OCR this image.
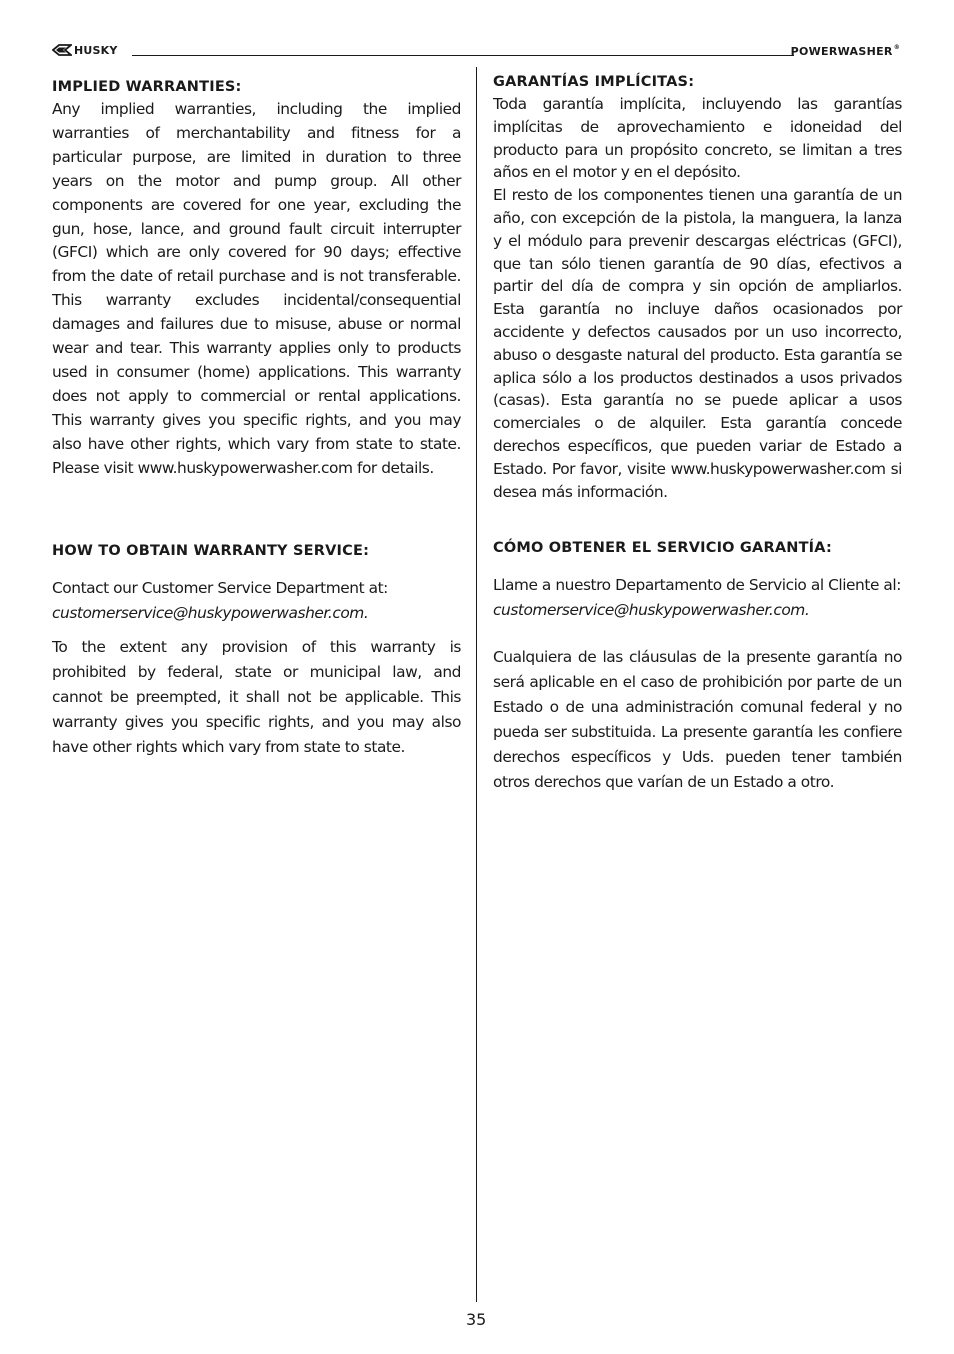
HUSKY	POWERWASHER®

IMPLIED WARRANTIES:

Any implied warranties, including the implied warranties of merchantability and fitness for a particular purpose, are limited in duration to three years on the motor and pump group. All other components are covered for one year, excluding the gun, hose, lance, and ground fault circuit interrupter (GFCI) which are only covered for 90 days; effective from the date of retail purchase and is not transferable. This warranty excludes incidental/consequential damages and failures due to misuse, abuse or normal wear and tear. This warranty applies only to products used in consumer (home) applications. This warranty does not apply to commercial or rental applications. This warranty gives you specific rights, and you may also have other rights, which vary from state to state. Please visit www.huskypowerwasher.com for details.

HOW TO OBTAIN WARRANTY SERVICE:

Contact our Customer Service Department at:

customerservice@huskypowerwasher.com.

To the extent any provision of this warranty is prohibited by federal, state or municipal law, and cannot be preempted, it shall not be applicable. This warranty gives you specific rights, and you may also have other rights which vary from state to state.

GARANTÍAS IMPLÍCITAS:

Toda garantía implícita, incluyendo las garantías implícitas de aprovechamiento e idoneidad del producto para un propósito concreto, se limitan a tres años en el motor y en el depósito.

El resto de los componentes tienen una garantía de un año, con excepción de la pistola, la manguera, la lanza y el módulo para prevenir descargas eléctricas (GFCI), que tan sólo tienen garantía de 90 días, efectivos a partir del día de compra y sin opción de ampliarlos. Esta garantía no incluye daños ocasionados por accidente y defectos causados por un uso incorrecto, abuso o desgaste natural del producto. Esta garantía se aplica sólo a los productos destinados a usos privados (casas). Esta garantía no se puede aplicar a usos comerciales o de alquiler. Esta garantía concede derechos específicos, que pueden variar de Estado a Estado. Por favor, visite www.huskypowerwasher.com si desea más información.

CÓMO OBTENER EL SERVICIO GARANTÍA:

Llame a nuestro Departamento de Servicio al Cliente al:

customerservice@huskypowerwasher.com.

Cualquiera de las cláusulas de la presente garantía no será aplicable en el caso de prohibición por parte de un Estado o de una administración comunal federal y no pueda ser substituida. La presente garantía les confiere derechos específicos y Uds. pueden tener también otros derechos que varían de un Estado a otro.

35
